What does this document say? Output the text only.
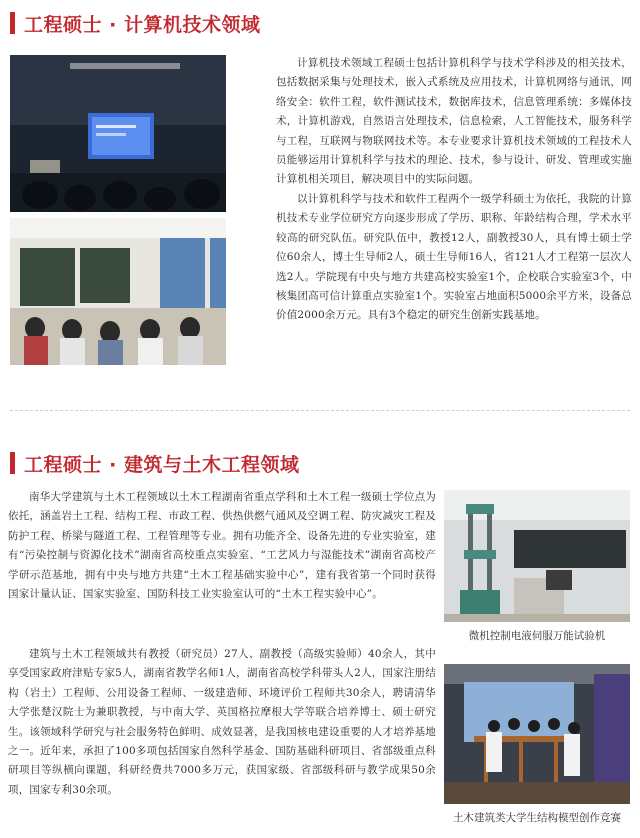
工程硕士 · 计算机技术领域

计算机技术领域工程硕士包括计算机科学与技术学科涉及的相关技术，包括数据采集与处理技术，嵌入式系统及应用技术，计算机网络与通讯，网络安全：软件工程，软件测试技术，数据库技术，信息管理系统：多媒体技术，计算机游戏，自然语言处理技术，信息检索，人工智能技术，服务科学与工程，互联网与物联网技术等。本专业要求计算机技术领域的工程技术人员能够运用计算机科学与技术的理论、技术，参与设计、研发、管理或实施计算机相关项目，解决项目中的实际问题。

以计算机科学与技术和软件工程两个一级学科硕士为依托，我院的计算机技术专业学位研究方向逐步形成了学历、职称、年龄结构合理，学术水平较高的研究队伍。研究队伍中，教授12人，副教授30人，具有博士硕士学位60余人，博士生导师2人，硕士生导师16人，省121人才工程第一层次人选2人。学院现有中央与地方共建高校实验室1个，企校联合实验室3个，中核集团高可信计算重点实验室1个。实验室占地面积5000余平方米，设备总价值2000余万元。具有3个稳定的研究生创新实践基地。

工程硕士 · 建筑与土木工程领域

南华大学建筑与土木工程领域以土木工程湖南省重点学科和土木工程一级硕士学位点为依托，涵盖岩土工程、结构工程、市政工程、供热供燃气通风及空调工程、防灾减灾工程及防护工程、桥梁与隧道工程、工程管理等专业。拥有功能齐全、设备先进的专业实验室，建有“污染控制与资源化技术”湖南省高校重点实验室、“工艺风力与湿能技术”湖南省高校产学研示范基地，拥有中央与地方共建“土木工程基础实验中心”，建有我省第一个同时获得国家计量认证、国家实验室、国防科技工业实验室认可的“土木工程实验中心”。

建筑与土木工程领域共有教授（研究员）27人、副教授（高级实验师）40余人，其中享受国家政府津贴专家5人，湖南省教学名师1人，湖南省高校学科带头人2人，国家注册结构（岩土）工程师、公用设备工程师、一级建造师、环境评价工程师共30余人，聘请清华大学张楚汉院士为兼职教授，与中南大学、英国格拉摩根大学等联合培养博士、硕士研究生。该领域科学研究与社会服务特色鲜明、成效显著，是我国核电建设重要的人才培养基地之一。近年来，承担了100多项包括国家自然科学基金、国防基础科研项目、省部级重点科研项目等纵横向课题，科研经费共7000多万元，获国家级、省部级科研与教学成果50余项，国家专利30余项。

微机控制电液伺服万能试验机
土木建筑类大学生结构模型创作竞赛
